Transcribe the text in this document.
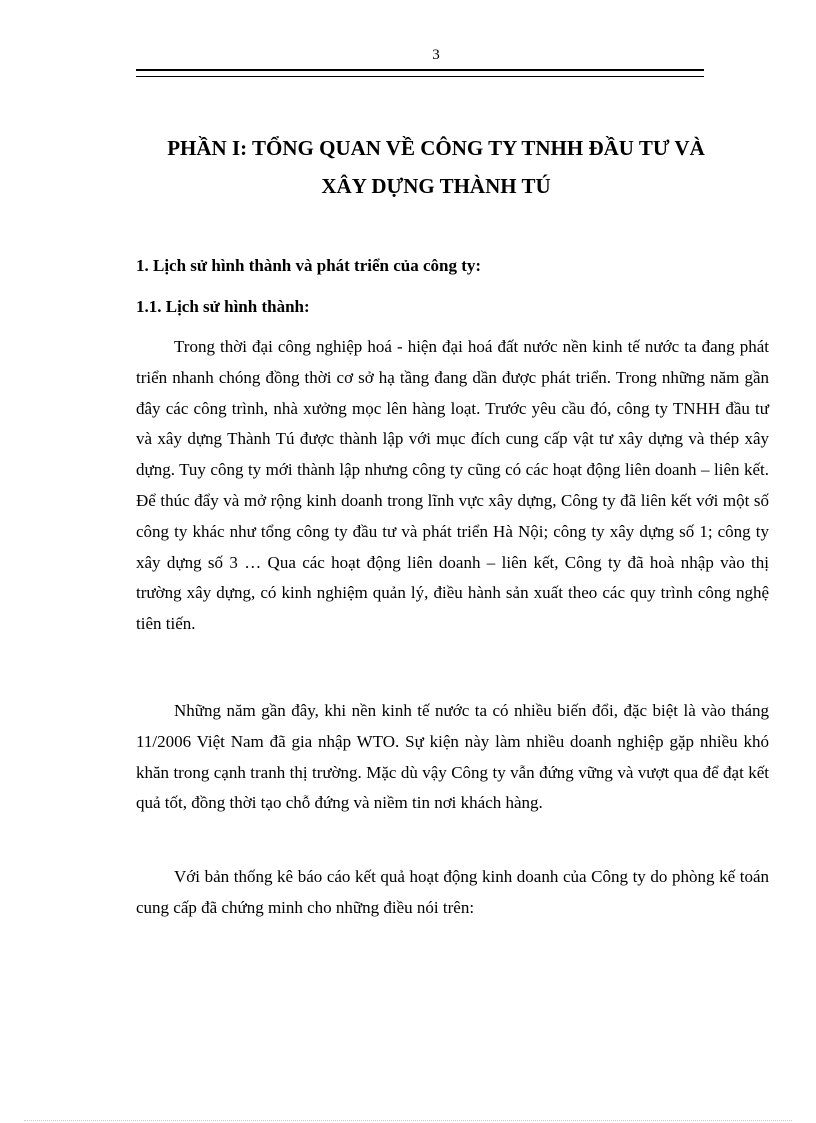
3
PHẦN I: TỔNG QUAN VỀ CÔNG TY TNHH ĐẦU TƯ VÀ
XÂY DỰNG THÀNH TÚ
1. Lịch sử hình thành và phát triển của công ty:
1.1. Lịch sử hình thành:

Trong thời đại công nghiệp hoá - hiện đại hoá đất nước nền kinh tế nước ta đang phát triển nhanh chóng đồng thời cơ sở hạ tầng đang dần được phát triển. Trong những năm gần đây các công trình, nhà xưởng mọc lên hàng loạt. Trước yêu cầu đó, công ty TNHH đầu tư và xây dựng Thành Tú được thành lập với mục đích cung cấp vật tư xây dựng và thép xây dựng. Tuy công ty mới thành lập nhưng công ty cũng có các hoạt động liên doanh – liên kết. Để thúc đẩy và mở rộng kinh doanh trong lĩnh vực xây dựng, Công ty đã liên kết với một số công ty khác như tổng công ty đầu tư và phát triển Hà Nội; công ty xây dựng số 1; công ty xây dựng số 3 … Qua các hoạt động liên doanh – liên kết, Công ty đã hoà nhập vào thị trường xây dựng, có kinh nghiệm quản lý, điều hành sản xuất theo các quy trình công nghệ tiên tiến.

Những năm gần đây, khi nền kinh tế nước ta có nhiều biến đổi, đặc biệt là vào tháng 11/2006 Việt Nam đã gia nhập WTO. Sự kiện này làm nhiều doanh nghiệp gặp nhiều khó khăn trong cạnh tranh thị trường. Mặc dù vậy Công ty vẫn đứng vững và vượt qua để đạt kết quả tốt, đồng thời tạo chỗ đứng và niềm tin nơi khách hàng.

Với bản thống kê báo cáo kết quả hoạt động kinh doanh của Công ty do phòng kế toán cung cấp đã chứng minh cho những điều nói trên:
